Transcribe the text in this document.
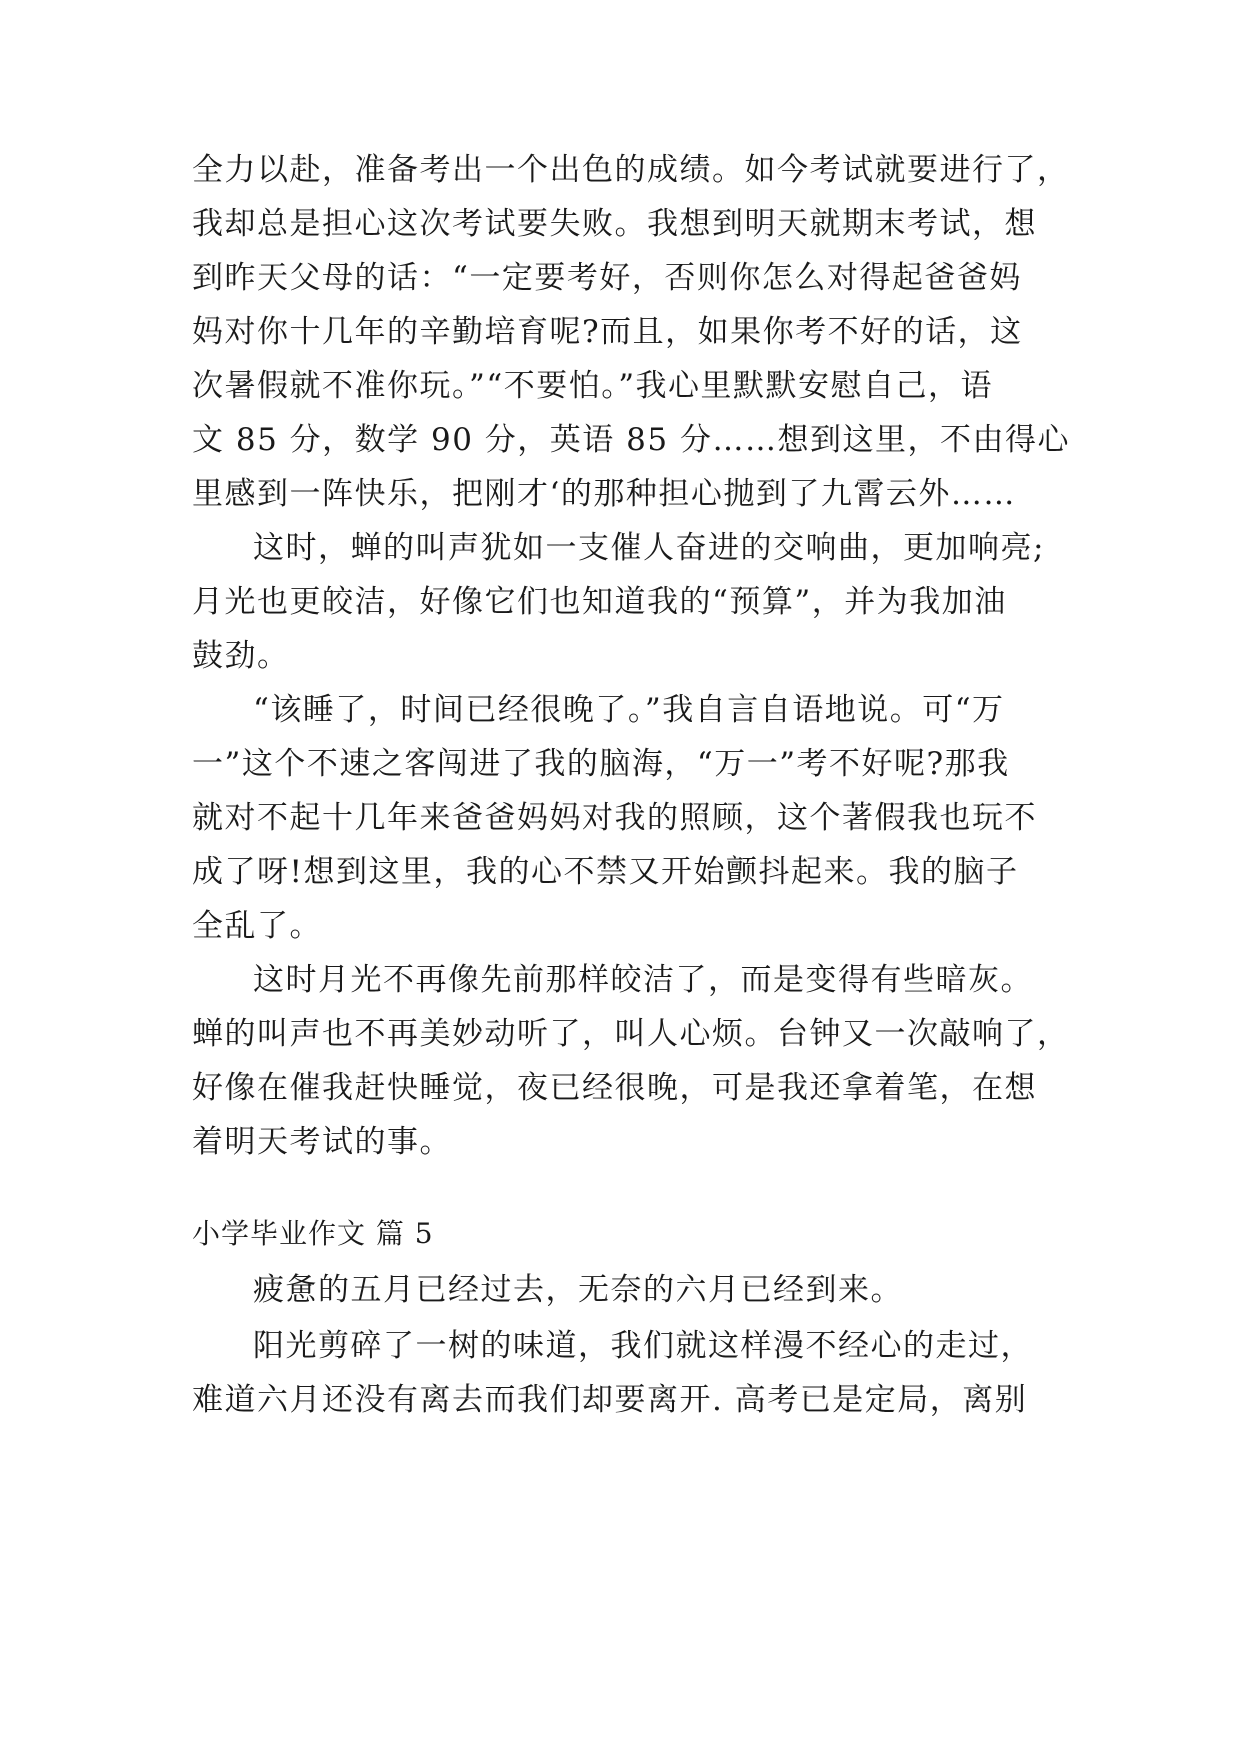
全力以赴，准备考出一个出色的成绩。如今考试就要进行了，
我却总是担心这次考试要失败。我想到明天就期末考试，想
到昨天父母的话：“一定要考好，否则你怎么对得起爸爸妈
妈对你十几年的辛勤培育呢?而且，如果你考不好的话，这
次暑假就不准你玩。”“不要怕。”我心里默默安慰自己，语
文 85 分，数学 90 分，英语 85 分……想到这里，不由得心
里感到一阵快乐，把刚才‘的那种担心抛到了九霄云外……
这时，蝉的叫声犹如一支催人奋进的交响曲，更加响亮;
月光也更皎洁，好像它们也知道我的“预算”，并为我加油
鼓劲。
“该睡了，时间已经很晚了。”我自言自语地说。可“万
一”这个不速之客闯进了我的脑海，“万一”考不好呢?那我
就对不起十几年来爸爸妈妈对我的照顾，这个著假我也玩不
成了呀!想到这里，我的心不禁又开始颤抖起来。我的脑子
全乱了。
这时月光不再像先前那样皎洁了，而是变得有些暗灰。
蝉的叫声也不再美妙动听了，叫人心烦。台钟又一次敲响了，
好像在催我赶快睡觉，夜已经很晚，可是我还拿着笔，在想
着明天考试的事。
小学毕业作文 篇 5
疲惫的五月已经过去，无奈的六月已经到来。
阳光剪碎了一树的味道，我们就这样漫不经心的走过，
难道六月还没有离去而我们却要离开. 高考已是定局，离别
